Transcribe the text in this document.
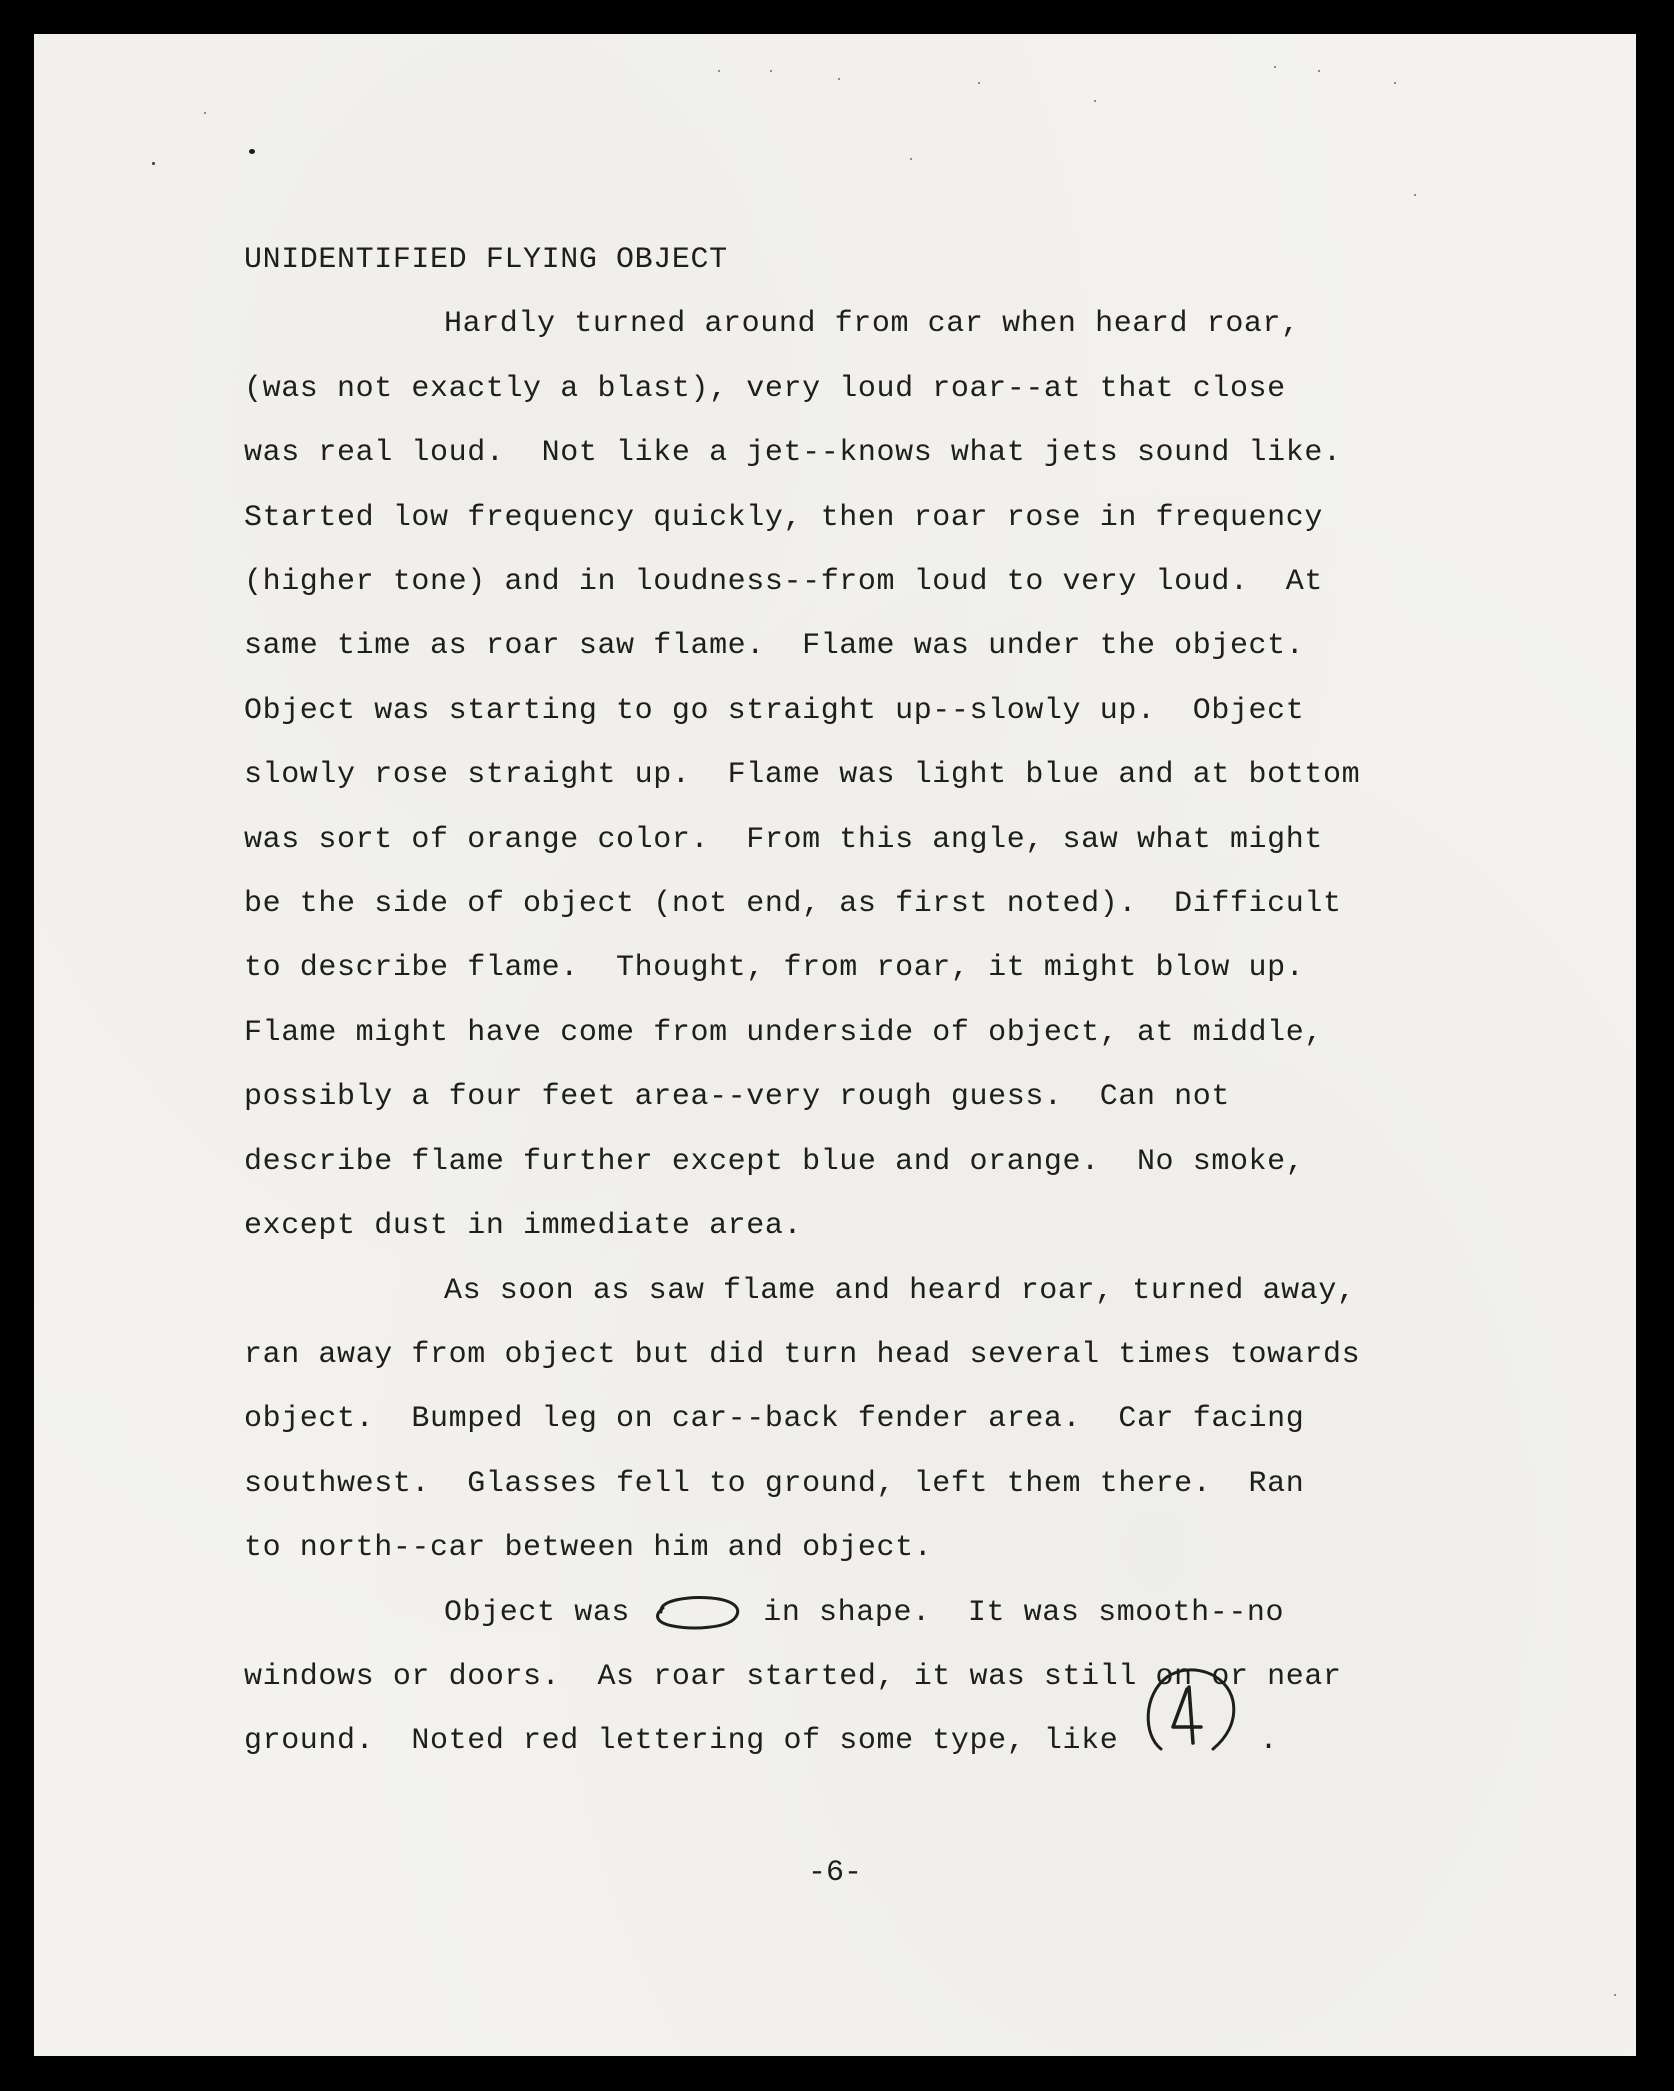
UNIDENTIFIED FLYING OBJECT

Hardly turned around from car when heard roar,
(was not exactly a blast), very loud roar--at that close
was real loud.  Not like a jet--knows what jets sound like.
Started low frequency quickly, then roar rose in frequency
(higher tone) and in loudness--from loud to very loud.  At
same time as roar saw flame.  Flame was under the object.
Object was starting to go straight up--slowly up.  Object
slowly rose straight up.  Flame was light blue and at bottom
was sort of orange color.  From this angle, saw what might
be the side of object (not end, as first noted).  Difficult
to describe flame.  Thought, from roar, it might blow up.
Flame might have come from underside of object, at middle,
possibly a four feet area--very rough guess.  Can not
describe flame further except blue and orange.  No smoke,
except dust in immediate area.

As soon as saw flame and heard roar, turned away,
ran away from object but did turn head several times towards
object.  Bumped leg on car--back fender area.  Car facing
southwest.  Glasses fell to ground, left them there.  Ran
to north--car between him and object.

Object was	in shape.  It was smooth--no
windows or doors.  As roar started, it was still on or near
ground.  Noted red lettering of some type, like	.

-6-
